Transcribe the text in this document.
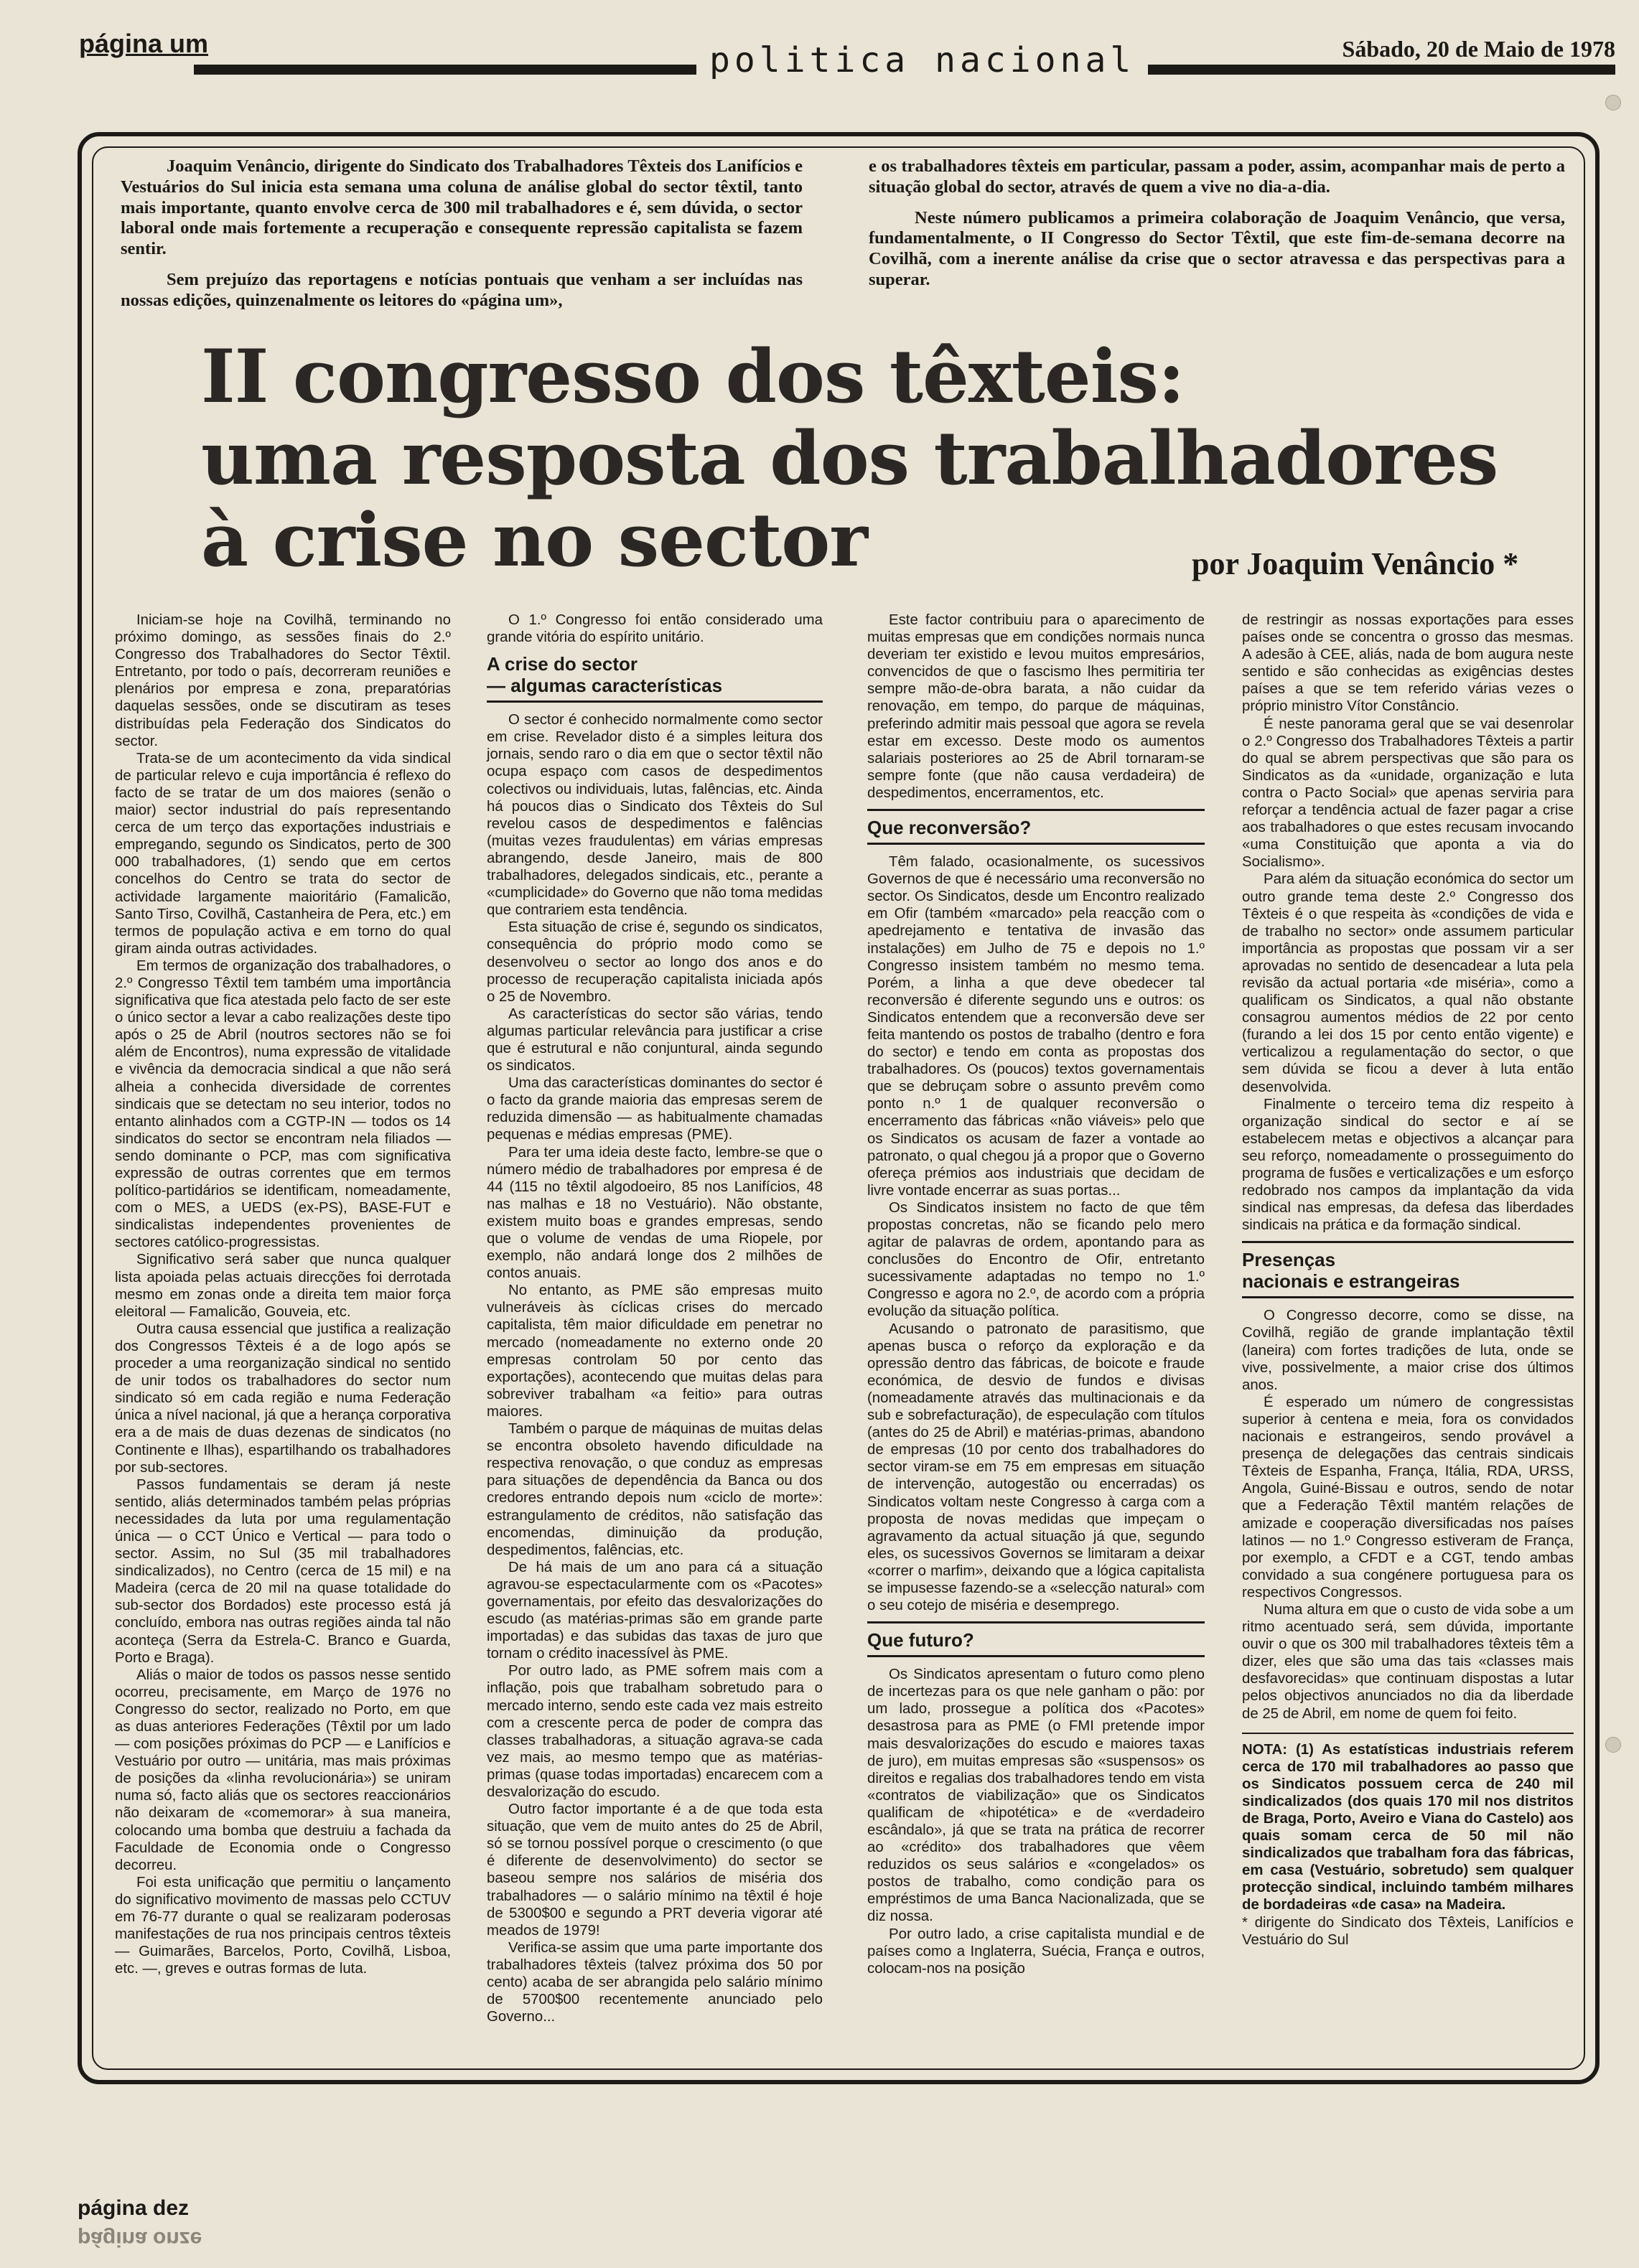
página um	politica nacional	Sábado, 20 de Maio de 1978

Joaquim Venâncio, dirigente do Sindicato dos Trabalhadores Têxteis dos Lanifícios e Vestuários do Sul inicia esta semana uma coluna de análise global do sector têxtil, tanto mais importante, quanto envolve cerca de 300 mil trabalhadores e é, sem dúvida, o sector laboral onde mais fortemente a recuperação e consequente repressão capitalista se fazem sentir.

Sem prejuízo das reportagens e notícias pontuais que venham a ser incluídas nas nossas edições, quinzenalmente os leitores do «página um»,

e os trabalhadores têxteis em particular, passam a poder, assim, acompanhar mais de perto a situação global do sector, através de quem a vive no dia-a-dia.

Neste número publicamos a primeira colaboração de Joaquim Venâncio, que versa, fundamentalmente, o II Congresso do Sector Têxtil, que este fim-de-semana decorre na Covilhã, com a inerente análise da crise que o sector atravessa e das perspectivas para a superar.

II congresso dos têxteis:
uma resposta dos trabalhadores
à crise no sector	por Joaquim Venâncio *

Iniciam-se hoje na Covilhã, terminando no próximo domingo, as sessões finais do 2.º Congresso dos Trabalhadores do Sector Têxtil. Entretanto, por todo o país, decorreram reuniões e plenários por empresa e zona, preparatórias daquelas sessões, onde se discutiram as teses distribuídas pela Federação dos Sindicatos do sector.

Trata-se de um acontecimento da vida sindical de particular relevo e cuja importância é reflexo do facto de se tratar de um dos maiores (senão o maior) sector industrial do país representando cerca de um terço das exportações industriais e empregando, segundo os Sindicatos, perto de 300 000 trabalhadores, (1) sendo que em certos concelhos do Centro se trata do sector de actividade largamente maioritário (Famalicão, Santo Tirso, Covilhã, Castanheira de Pera, etc.) em termos de população activa e em torno do qual giram ainda outras actividades.

Em termos de organização dos trabalhadores, o 2.º Congresso Têxtil tem também uma importância significativa que fica atestada pelo facto de ser este o único sector a levar a cabo realizações deste tipo após o 25 de Abril (noutros sectores não se foi além de Encontros), numa expressão de vitalidade e vivência da democracia sindical a que não será alheia a conhecida diversidade de correntes sindicais que se detectam no seu interior, todos no entanto alinhados com a CGTP-IN — todos os 14 sindicatos do sector se encontram nela filiados — sendo dominante o PCP, mas com significativa expressão de outras correntes que em termos político-partidários se identificam, nomeadamente, com o MES, a UEDS (ex-PS), BASE-FUT e sindicalistas independentes provenientes de sectores católico-progressistas.

Significativo será saber que nunca qualquer lista apoiada pelas actuais direcções foi derrotada mesmo em zonas onde a direita tem maior força eleitoral — Famalicão, Gouveia, etc.

Outra causa essencial que justifica a realização dos Congressos Têxteis é a de logo após se proceder a uma reorganização sindical no sentido de unir todos os trabalhadores do sector num sindicato só em cada região e numa Federação única a nível nacional, já que a herança corporativa era a de mais de duas dezenas de sindicatos (no Continente e Ilhas), espartilhando os trabalhadores por sub-sectores.

Passos fundamentais se deram já neste sentido, aliás determinados também pelas próprias necessidades da luta por uma regulamentação única — o CCT Único e Vertical — para todo o sector. Assim, no Sul (35 mil trabalhadores sindicalizados), no Centro (cerca de 15 mil) e na Madeira (cerca de 20 mil na quase totalidade do sub-sector dos Bordados) este processo está já concluído, embora nas outras regiões ainda tal não aconteça (Serra da Estrela-C. Branco e Guarda, Porto e Braga).

Aliás o maior de todos os passos nesse sentido ocorreu, precisamente, em Março de 1976 no Congresso do sector, realizado no Porto, em que as duas anteriores Federações (Têxtil por um lado — com posições próximas do PCP — e Lanifícios e Vestuário por outro — unitária, mas mais próximas de posições da «linha revolucionária») se uniram numa só, facto aliás que os sectores reaccionários não deixaram de «comemorar» à sua maneira, colocando uma bomba que destruiu a fachada da Faculdade de Economia onde o Congresso decorreu.

Foi esta unificação que permitiu o lançamento do significativo movimento de massas pelo CCTUV em 76-77 durante o qual se realizaram poderosas manifestações de rua nos principais centros têxteis — Guimarães, Barcelos, Porto, Covilhã, Lisboa, etc. —, greves e outras formas de luta.

O 1.º Congresso foi então considerado uma grande vitória do espírito unitário.

A crise do sector
— algumas características

O sector é conhecido normalmente como sector em crise. Revelador disto é a simples leitura dos jornais, sendo raro o dia em que o sector têxtil não ocupa espaço com casos de despedimentos colectivos ou individuais, lutas, falências, etc. Ainda há poucos dias o Sindicato dos Têxteis do Sul revelou casos de despedimentos e falências (muitas vezes fraudulentas) em várias empresas abrangendo, desde Janeiro, mais de 800 trabalhadores, delegados sindicais, etc., perante a «cumplicidade» do Governo que não toma medidas que contrariem esta tendência.

Esta situação de crise é, segundo os sindicatos, consequência do próprio modo como se desenvolveu o sector ao longo dos anos e do processo de recuperação capitalista iniciada após o 25 de Novembro.

As características do sector são várias, tendo algumas particular relevância para justificar a crise que é estrutural e não conjuntural, ainda segundo os sindicatos.

Uma das características dominantes do sector é o facto da grande maioria das empresas serem de reduzida dimensão — as habitualmente chamadas pequenas e médias empresas (PME).

Para ter uma ideia deste facto, lembre-se que o número médio de trabalhadores por empresa é de 44 (115 no têxtil algodoeiro, 85 nos Lanifícios, 48 nas malhas e 18 no Vestuário). Não obstante, existem muito boas e grandes empresas, sendo que o volume de vendas de uma Riopele, por exemplo, não andará longe dos 2 milhões de contos anuais.

No entanto, as PME são empresas muito vulneráveis às cíclicas crises do mercado capitalista, têm maior dificuldade em penetrar no mercado (nomeadamente no externo onde 20 empresas controlam 50 por cento das exportações), acontecendo que muitas delas para sobreviver trabalham «a feitio» para outras maiores.

Também o parque de máquinas de muitas delas se encontra obsoleto havendo dificuldade na respectiva renovação, o que conduz as empresas para situações de dependência da Banca ou dos credores entrando depois num «ciclo de morte»: estrangulamento de créditos, não satisfação das encomendas, diminuição da produção, despedimentos, falências, etc.

De há mais de um ano para cá a situação agravou-se espectacularmente com os «Pacotes» governamentais, por efeito das desvalorizações do escudo (as matérias-primas são em grande parte importadas) e das subidas das taxas de juro que tornam o crédito inacessível às PME.

Por outro lado, as PME sofrem mais com a inflação, pois que trabalham sobretudo para o mercado interno, sendo este cada vez mais estreito com a crescente perca de poder de compra das classes trabalhadoras, a situação agrava-se cada vez mais, ao mesmo tempo que as matérias-primas (quase todas importadas) encarecem com a desvalorização do escudo.

Outro factor importante é a de que toda esta situação, que vem de muito antes do 25 de Abril, só se tornou possível porque o crescimento (o que é diferente de desenvolvimento) do sector se baseou sempre nos salários de miséria dos trabalhadores — o salário mínimo na têxtil é hoje de 5300$00 e segundo a PRT deveria vigorar até meados de 1979!

Verifica-se assim que uma parte importante dos trabalhadores têxteis (talvez próxima dos 50 por cento) acaba de ser abrangida pelo salário mínimo de 5700$00 recentemente anunciado pelo Governo...

Este factor contribuiu para o aparecimento de muitas empresas que em condições normais nunca deveriam ter existido e levou muitos empresários, convencidos de que o fascismo lhes permitiria ter sempre mão-de-obra barata, a não cuidar da renovação, em tempo, do parque de máquinas, preferindo admitir mais pessoal que agora se revela estar em excesso. Deste modo os aumentos salariais posteriores ao 25 de Abril tornaram-se sempre fonte (que não causa verdadeira) de despedimentos, encerramentos, etc.

Que reconversão?

Têm falado, ocasionalmente, os sucessivos Governos de que é necessário uma reconversão no sector. Os Sindicatos, desde um Encontro realizado em Ofir (também «marcado» pela reacção com o apedrejamento e tentativa de invasão das instalações) em Julho de 75 e depois no 1.º Congresso insistem também no mesmo tema. Porém, a linha a que deve obedecer tal reconversão é diferente segundo uns e outros: os Sindicatos entendem que a reconversão deve ser feita mantendo os postos de trabalho (dentro e fora do sector) e tendo em conta as propostas dos trabalhadores. Os (poucos) textos governamentais que se debruçam sobre o assunto prevêm como ponto n.º 1 de qualquer reconversão o encerramento das fábricas «não viáveis» pelo que os Sindicatos os acusam de fazer a vontade ao patronato, o qual chegou já a propor que o Governo ofereça prémios aos industriais que decidam de livre vontade encerrar as suas portas...

Os Sindicatos insistem no facto de que têm propostas concretas, não se ficando pelo mero agitar de palavras de ordem, apontando para as conclusões do Encontro de Ofir, entretanto sucessivamente adaptadas no tempo no 1.º Congresso e agora no 2.º, de acordo com a própria evolução da situação política.

Acusando o patronato de parasitismo, que apenas busca o reforço da exploração e da opressão dentro das fábricas, de boicote e fraude económica, de desvio de fundos e divisas (nomeadamente através das multinacionais e da sub e sobrefacturação), de especulação com títulos (antes do 25 de Abril) e matérias-primas, abandono de empresas (10 por cento dos trabalhadores do sector viram-se em 75 em empresas em situação de intervenção, autogestão ou encerradas) os Sindicatos voltam neste Congresso à carga com a proposta de novas medidas que impeçam o agravamento da actual situação já que, segundo eles, os sucessivos Governos se limitaram a deixar «correr o marfim», deixando que a lógica capitalista se impusesse fazendo-se a «selecção natural» com o seu cotejo de miséria e desemprego.

Que futuro?

Os Sindicatos apresentam o futuro como pleno de incertezas para os que nele ganham o pão: por um lado, prossegue a política dos «Pacotes» desastrosa para as PME (o FMI pretende impor mais desvalorizações do escudo e maiores taxas de juro), em muitas empresas são «suspensos» os direitos e regalias dos trabalhadores tendo em vista «contratos de viabilização» que os Sindicatos qualificam de «hipotética» e de «verdadeiro escândalo», já que se trata na prática de recorrer ao «crédito» dos trabalhadores que vêem reduzidos os seus salários e «congelados» os postos de trabalho, como condição para os empréstimos de uma Banca Nacionalizada, que se diz nossa.

Por outro lado, a crise capitalista mundial e de países como a Inglaterra, Suécia, França e outros, colocam-nos na posição

de restringir as nossas exportações para esses países onde se concentra o grosso das mesmas. A adesão à CEE, aliás, nada de bom augura neste sentido e são conhecidas as exigências destes países a que se tem referido várias vezes o próprio ministro Vítor Constâncio.

É neste panorama geral que se vai desenrolar o 2.º Congresso dos Trabalhadores Têxteis a partir do qual se abrem perspectivas que são para os Sindicatos as da «unidade, organização e luta contra o Pacto Social» que apenas serviria para reforçar a tendência actual de fazer pagar a crise aos trabalhadores o que estes recusam invocando «uma Constituição que aponta a via do Socialismo».

Para além da situação económica do sector um outro grande tema deste 2.º Congresso dos Têxteis é o que respeita às «condições de vida e de trabalho no sector» onde assumem particular importância as propostas que possam vir a ser aprovadas no sentido de desencadear a luta pela revisão da actual portaria «de miséria», como a qualificam os Sindicatos, a qual não obstante consagrou aumentos médios de 22 por cento (furando a lei dos 15 por cento então vigente) e verticalizou a regulamentação do sector, o que sem dúvida se ficou a dever à luta então desenvolvida.

Finalmente o terceiro tema diz respeito à organização sindical do sector e aí se estabelecem metas e objectivos a alcançar para seu reforço, nomeadamente o prosseguimento do programa de fusões e verticalizações e um esforço redobrado nos campos da implantação da vida sindical nas empresas, da defesa das liberdades sindicais na prática e da formação sindical.

Presenças
nacionais e estrangeiras

O Congresso decorre, como se disse, na Covilhã, região de grande implantação têxtil (laneira) com fortes tradições de luta, onde se vive, possivelmente, a maior crise dos últimos anos.

É esperado um número de congressistas superior à centena e meia, fora os convidados nacionais e estrangeiros, sendo provável a presença de delegações das centrais sindicais Têxteis de Espanha, França, Itália, RDA, URSS, Angola, Guiné-Bissau e outros, sendo de notar que a Federação Têxtil mantém relações de amizade e cooperação diversificadas nos países latinos — no 1.º Congresso estiveram de França, por exemplo, a CFDT e a CGT, tendo ambas convidado a sua congénere portuguesa para os respectivos Congressos.

Numa altura em que o custo de vida sobe a um ritmo acentuado será, sem dúvida, importante ouvir o que os 300 mil trabalhadores têxteis têm a dizer, eles que são uma das tais «classes mais desfavorecidas» que continuam dispostas a lutar pelos objectivos anunciados no dia da liberdade de 25 de Abril, em nome de quem foi feito.

NOTA: (1) As estatísticas industriais referem cerca de 170 mil trabalhadores ao passo que os Sindicatos possuem cerca de 240 mil sindicalizados (dos quais 170 mil nos distritos de Braga, Porto, Aveiro e Viana do Castelo) aos quais somam cerca de 50 mil não sindicalizados que trabalham fora das fábricas, em casa (Vestuário, sobretudo) sem qualquer protecção sindical, incluindo também milhares de bordadeiras «de casa» na Madeira.

* dirigente do Sindicato dos Têxteis, Lanifícios e Vestuário do Sul

página dez
página onze
